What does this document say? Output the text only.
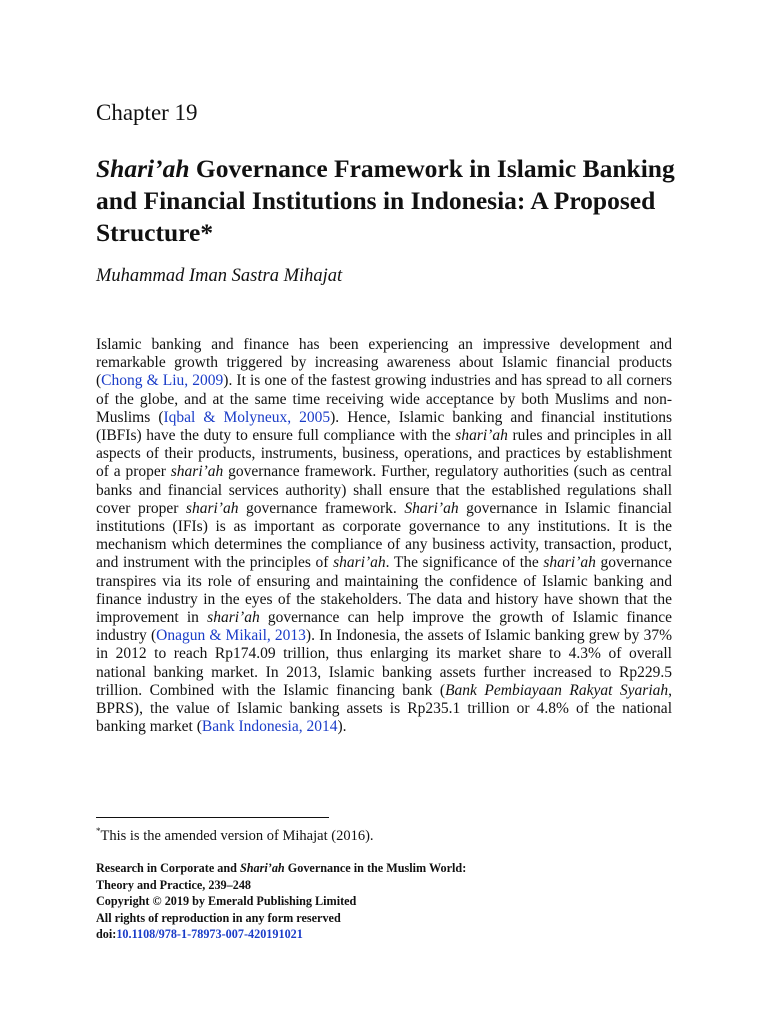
Chapter 19
Shari’ah Governance Framework in Islamic Banking and Financial Institutions in Indonesia: A Proposed Structure*
Muhammad Iman Sastra Mihajat
Islamic banking and finance has been experiencing an impressive development and remarkable growth triggered by increasing awareness about Islamic financial products (Chong & Liu, 2009). It is one of the fastest growing industries and has spread to all corners of the globe, and at the same time receiving wide acceptance by both Muslims and non-Muslims (Iqbal & Molyneux, 2005). Hence, Islamic banking and financial institutions (IBFIs) have the duty to ensure full compliance with the shari’ah rules and principles in all aspects of their products, instruments, business, operations, and practices by establishment of a proper shari’ah governance framework. Further, regulatory authorities (such as central banks and financial services authority) shall ensure that the established regulations shall cover proper shari’ah governance framework. Shari’ah governance in Islamic financial institutions (IFIs) is as important as corporate governance to any institutions. It is the mechanism which determines the compliance of any business activity, transaction, product, and instrument with the principles of shari’ah. The significance of the shari’ah governance transpires via its role of ensuring and maintaining the confidence of Islamic banking and finance industry in the eyes of the stakeholders. The data and history have shown that the improvement in shari’ah governance can help improve the growth of Islamic finance industry (Onagun & Mikail, 2013). In Indonesia, the assets of Islamic banking grew by 37% in 2012 to reach Rp174.09 trillion, thus enlarging its market share to 4.3% of overall national banking market. In 2013, Islamic banking assets further increased to Rp229.5 trillion. Combined with the Islamic financing bank (Bank Pembiayaan Rakyat Syariah, BPRS), the value of Islamic banking assets is Rp235.1 trillion or 4.8% of the national banking market (Bank Indonesia, 2014).
*This is the amended version of Mihajat (2016).
Research in Corporate and Shari’ah Governance in the Muslim World:
Theory and Practice, 239–248
Copyright © 2019 by Emerald Publishing Limited
All rights of reproduction in any form reserved
doi:10.1108/978-1-78973-007-420191021
